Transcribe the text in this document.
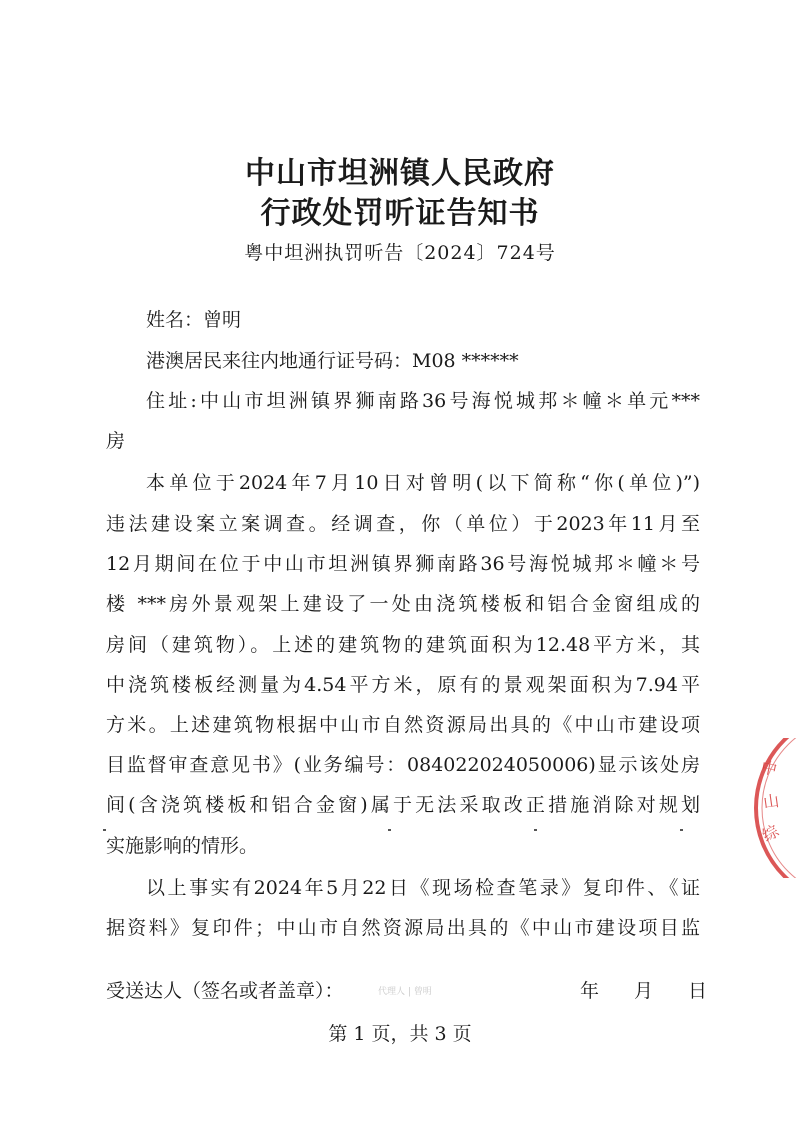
中山市坦洲镇人民政府
行政处罚听证告知书
粤中坦洲执罚听告〔2024〕724号

姓名：曾明

港澳居民来往内地通行证号码：M08 ******

住址:中山市坦洲镇界狮南路36号海悦城邦＊幢＊单元***

房

本单位于2024年7月10日对曾明(以下简称“你(单位)”)

违法建设案立案调查。经调查，你（单位）于2023年11月至

12月期间在位于中山市坦洲镇界狮南路36号海悦城邦＊幢＊号

楼 ***房外景观架上建设了一处由浇筑楼板和铝合金窗组成的

房间（建筑物）。上述的建筑物的建筑面积为12.48平方米，其

中浇筑楼板经测量为4.54平方米，原有的景观架面积为7.94平

方米。上述建筑物根据中山市自然资源局出具的《中山市建设项

目监督审查意见书》(业务编号：084022024050006)显示该处房

间(含浇筑楼板和铝合金窗)属于无法采取改正措施消除对规划

实施影响的情形。

以上事实有2024年5月22日《现场检查笔录》复印件、《证

据资料》复印件；中山市自然资源局出具的《中山市建设项目监

受送达人（签名或者盖章）：	代理人 | 曾明	年 月 日
第 1 页，共 3 页
中
山
综
